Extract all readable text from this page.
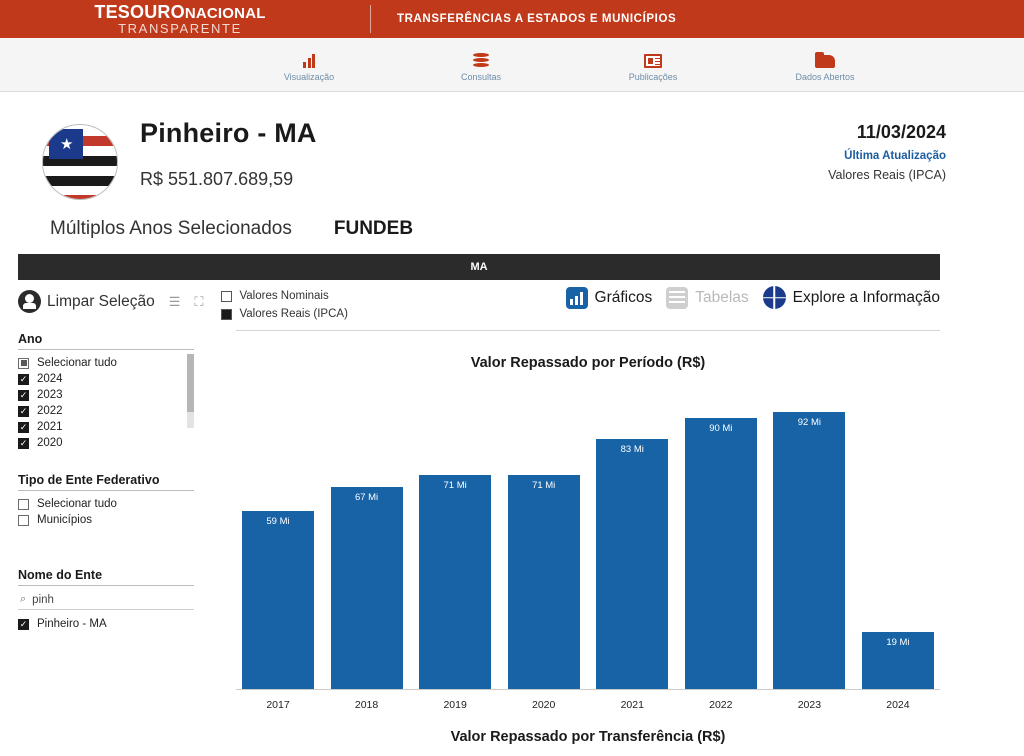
TESOURONACIONAL
TRANSPARENTE
TRANSFERÊNCIAS A ESTADOS E MUNICÍPIOS
Visualização	Consultas	Publicações	Dados Abertos
★ Pinheiro - MA
R$ 551.807.689,59
11/03/2024
Última Atualização
Valores Reais (IPCA)
Múltiplos Anos Selecionados FUNDEB
MA
Limpar Seleção ☰ ⛶	Valores Nominais
Valores Reais (IPCA)
Gráficos	Tabelas	Explore a Informação
Ano
Selecionar tudo
✓
2024
✓
2023
✓
2022
✓
2021
✓
2020
Tipo de Ente Federativo
Selecionar tudo
Municípios
Nome do Ente
⌕ pinh
✓
Pinheiro - MA
Valor Repassado por Período (R$)
59 Mi
67 Mi
71 Mi	71 Mi
83 Mi
90 Mi
92 Mi
19 Mi
2017	2018	2019	2020	2021	2022	2023	2024
Valor Repassado por Transferência (R$)
